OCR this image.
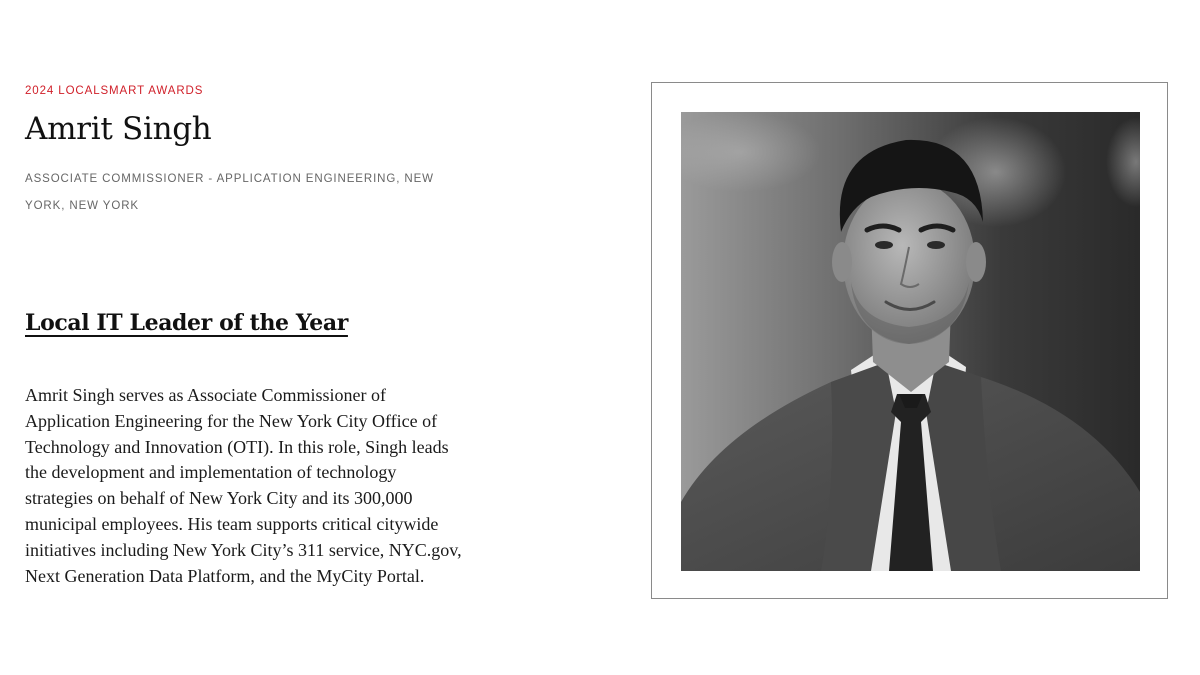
2024 LOCALSMART AWARDS
Amrit Singh
ASSOCIATE COMMISSIONER - APPLICATION ENGINEERING, NEW YORK, NEW YORK
Local IT Leader of the Year

Amrit Singh serves as Associate Commissioner of Application Engineering for the New York City Office of Technology and Innovation (OTI). In this role, Singh leads the development and implementation of technology strategies on behalf of New York City and its 300,000 municipal employees. His team supports critical citywide initiatives including New York City’s 311 service, NYC.gov, Next Generation Data Platform, and the MyCity Portal.
